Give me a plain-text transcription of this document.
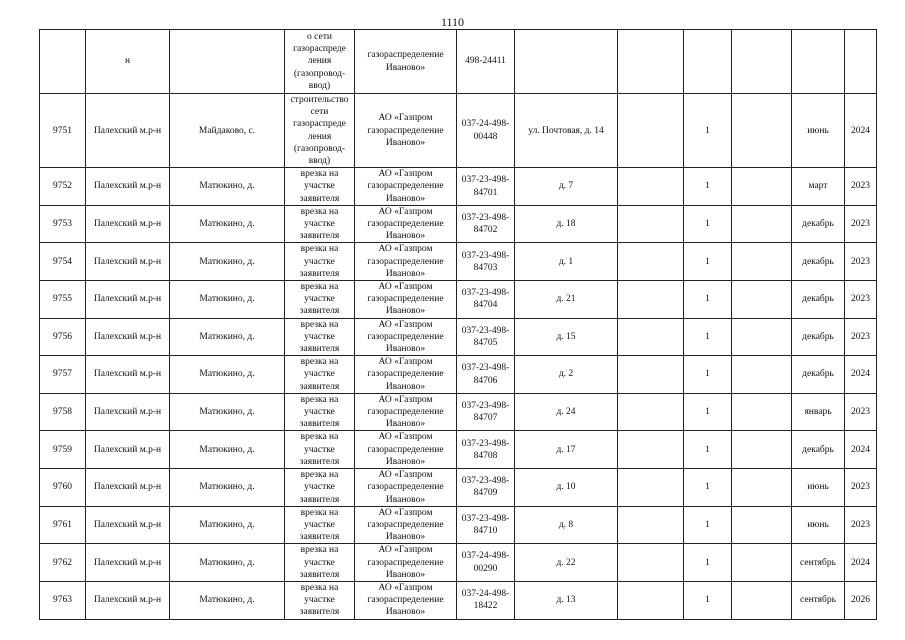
1110
	н		о сети газораспреде ления (газопровод-ввод)	газораспределение Иваново»	498-24411						
9751	Палехский м.р-н	Майдаково, с.	строительство сети газораспреде ления (газопровод-ввод)	АО «Газпром газораспределение Иваново»	037-24-498-00448	ул. Почтовая, д. 14		1		июнь	2024
9752	Палехский м.р-н	Матюкино, д.	врезка на участке заявителя	АО «Газпром газораспределение Иваново»	037-23-498-84701	д. 7		1		март	2023
9753	Палехский м.р-н	Матюкино, д.	врезка на участке заявителя	АО «Газпром газораспределение Иваново»	037-23-498-84702	д. 18		1		декабрь	2023
9754	Палехский м.р-н	Матюкино, д.	врезка на участке заявителя	АО «Газпром газораспределение Иваново»	037-23-498-84703	д. 1		1		декабрь	2023
9755	Палехский м.р-н	Матюкино, д.	врезка на участке заявителя	АО «Газпром газораспределение Иваново»	037-23-498-84704	д. 21		1		декабрь	2023
9756	Палехский м.р-н	Матюкино, д.	врезка на участке заявителя	АО «Газпром газораспределение Иваново»	037-23-498-84705	д. 15		1		декабрь	2023
9757	Палехский м.р-н	Матюкино, д.	врезка на участке заявителя	АО «Газпром газораспределение Иваново»	037-23-498-84706	д. 2		1		декабрь	2024
9758	Палехский м.р-н	Матюкино, д.	врезка на участке заявителя	АО «Газпром газораспределение Иваново»	037-23-498-84707	д. 24		1		январь	2023
9759	Палехский м.р-н	Матюкино, д.	врезка на участке заявителя	АО «Газпром газораспределение Иваново»	037-23-498-84708	д. 17		1		декабрь	2024
9760	Палехский м.р-н	Матюкино, д.	врезка на участке заявителя	АО «Газпром газораспределение Иваново»	037-23-498-84709	д. 10		1		июнь	2023
9761	Палехский м.р-н	Матюкино, д.	врезка на участке заявителя	АО «Газпром газораспределение Иваново»	037-23-498-84710	д. 8		1		июнь	2023
9762	Палехский м.р-н	Матюкино, д.	врезка на участке заявителя	АО «Газпром газораспределение Иваново»	037-24-498-00290	д. 22		1		сентябрь	2024
9763	Палехский м.р-н	Матюкино, д.	врезка на участке заявителя	АО «Газпром газораспределение Иваново»	037-24-498-18422	д. 13		1		сентябрь	2026
